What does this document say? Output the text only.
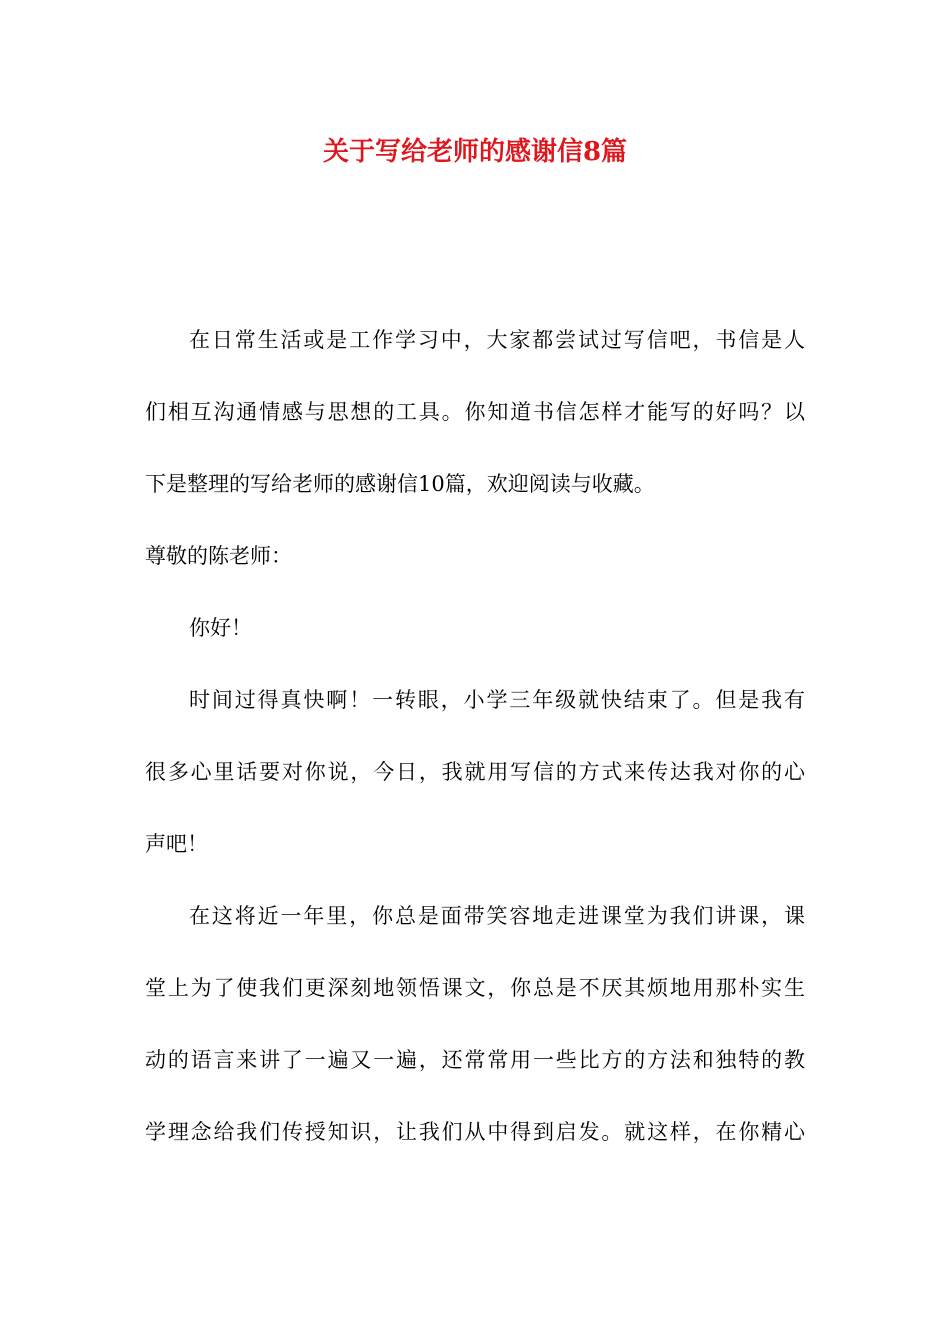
关于写给老师的感谢信8篇
在日常生活或是工作学习中，大家都尝试过写信吧，书信是人
们相互沟通情感与思想的工具。你知道书信怎样才能写的好吗？以
下是整理的写给老师的感谢信10篇，欢迎阅读与收藏。
尊敬的陈老师：
你好！
时间过得真快啊！一转眼，小学三年级就快结束了。但是我有
很多心里话要对你说，今日，我就用写信的方式来传达我对你的心
声吧！
在这将近一年里，你总是面带笑容地走进课堂为我们讲课，课
堂上为了使我们更深刻地领悟课文，你总是不厌其烦地用那朴实生
动的语言来讲了一遍又一遍，还常常用一些比方的方法和独特的教
学理念给我们传授知识，让我们从中得到启发。就这样，在你精心
